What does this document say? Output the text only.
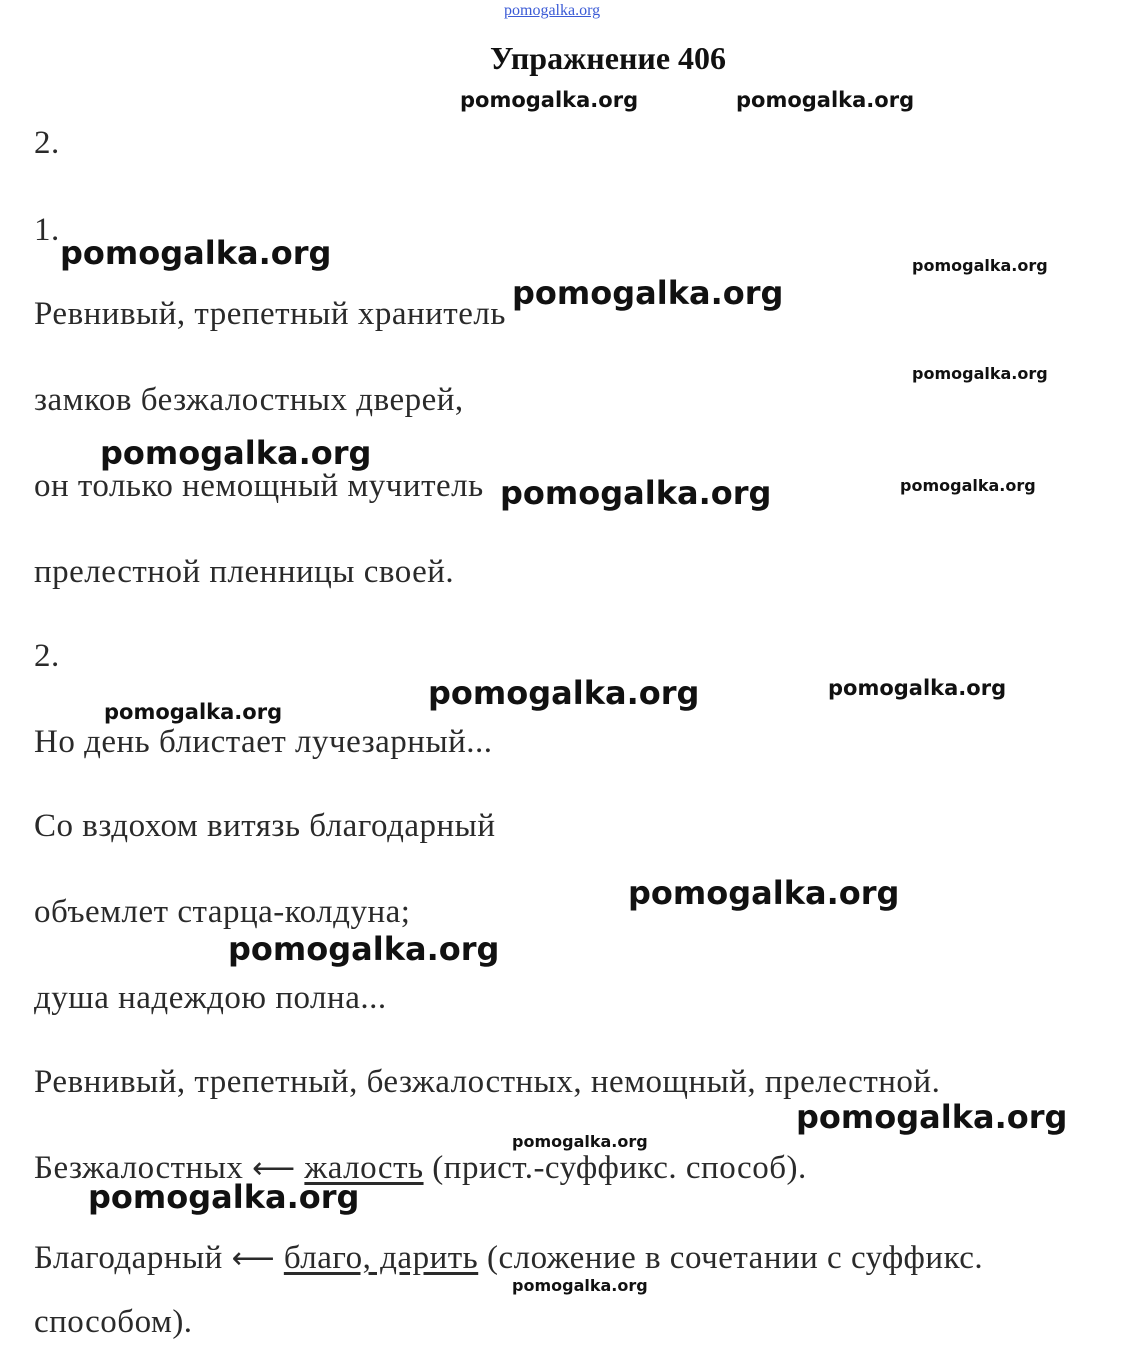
pomogalka.org
Упражнение 406
pomogalka.org	pomogalka.org
2.
1.
pomogalka.org	pomogalka.org
Ревнивый, трепетный хранитель
pomogalka.org
pomogalka.org
замков безжалостных дверей,
pomogalka.org
он только немощный мучитель pomogalka.org	pomogalka.org
прелестной пленницы своей.
2.
pomogalka.org	pomogalka.org
pomogalka.org
Но день блистает лучезарный...
Со вздохом витязь благодарный
pomogalka.org
объемлет старца-колдуна;
pomogalka.org
душа надеждою полна...
Ревнивый, трепетный, безжалостных, немощный, прелестной.
pomogalka.org
pomogalka.org
Безжалостных ⟵ жалость (прист.-суффикс. способ).
pomogalka.org
Благодарный ⟵ благо, дарить (сложение в сочетании с суффикс.
pomogalka.org
способом).
